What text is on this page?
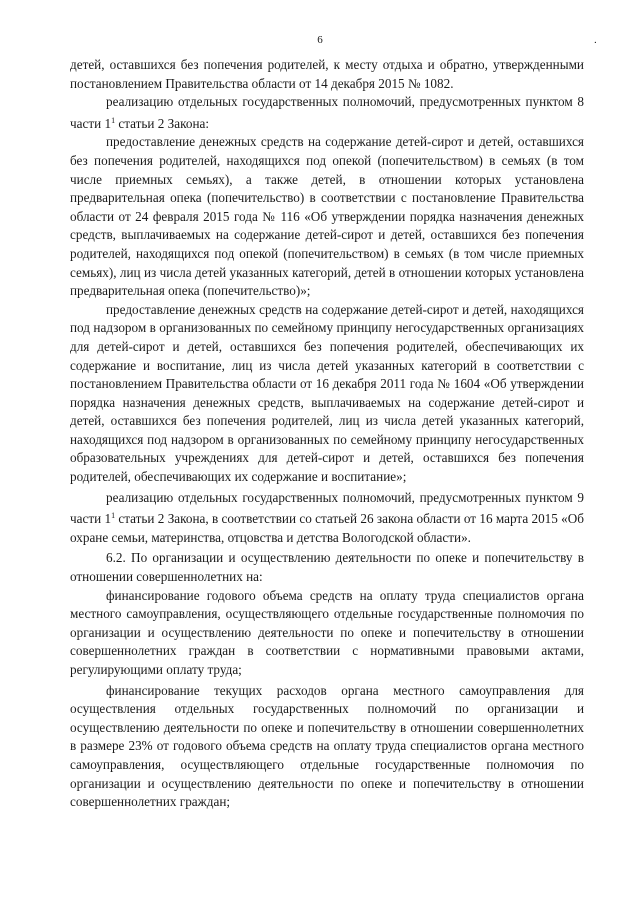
6	.

детей, оставшихся без попечения родителей, к месту отдыха и обратно, утвержденными постановлением Правительства области от 14 декабря 2015 № 1082.

реализацию отдельных государственных полномочий, предусмотренных пунктом 8 части $1^1$ статьи 2 Закона:

предоставление денежных средств на содержание детей-сирот и детей, оставшихся без попечения родителей, находящихся под опекой (попечительством) в семьях (в том числе приемных семьях), а также детей, в отношении которых установлена предварительная опека (попечительство) в соответствии с постановление Правительства области от 24 февраля 2015 года № 116 «Об утверждении порядка назначения денежных средств, выплачиваемых на содержание детей-сирот и детей, оставшихся без попечения родителей, находящихся под опекой (попечительством) в семьях (в том числе приемных семьях), лиц из числа детей указанных категорий, детей в отношении которых установлена предварительная опека (попечительство)»;

предоставление денежных средств на содержание детей-сирот и детей, находящихся под надзором в организованных по семейному принципу негосударственных организациях для детей-сирот и детей, оставшихся без попечения родителей, обеспечивающих их содержание и воспитание, лиц из числа детей указанных категорий в соответствии с постановлением Правительства области от 16 декабря 2011 года № 1604 «Об утверждении порядка назначения денежных средств, выплачиваемых на содержание детей-сирот и детей, оставшихся без попечения родителей, лиц из числа детей указанных категорий, находящихся под надзором в организованных по семейному принципу негосударственных образовательных учреждениях для детей-сирот и детей, оставшихся без попечения родителей, обеспечивающих их содержание и воспитание»;

реализацию отдельных государственных полномочий, предусмотренных пунктом 9 части $1^1$ статьи 2 Закона, в соответствии со статьей 26 закона области от 16 марта 2015 «Об охране семьи, материнства, отцовства и детства Вологодской области».

6.2. По организации и осуществлению деятельности по опеке и попечительству в отношении совершеннолетних на:

финансирование годового объема средств на оплату труда специалистов органа местного самоуправления, осуществляющего отдельные государственные полномочия по организации и осуществлению деятельности по опеке и попечительству в отношении совершеннолетних граждан в соответствии с нормативными правовыми актами, регулирующими оплату труда;

финансирование текущих расходов органа местного самоуправления для осуществления отдельных государственных полномочий по организации и осуществлению деятельности по опеке и попечительству в отношении совершеннолетних в размере 23% от годового объема средств на оплату труда специалистов органа местного самоуправления, осуществляющего отдельные государственные полномочия по организации и осуществлению деятельности по опеке и попечительству в отношении совершеннолетних граждан;
